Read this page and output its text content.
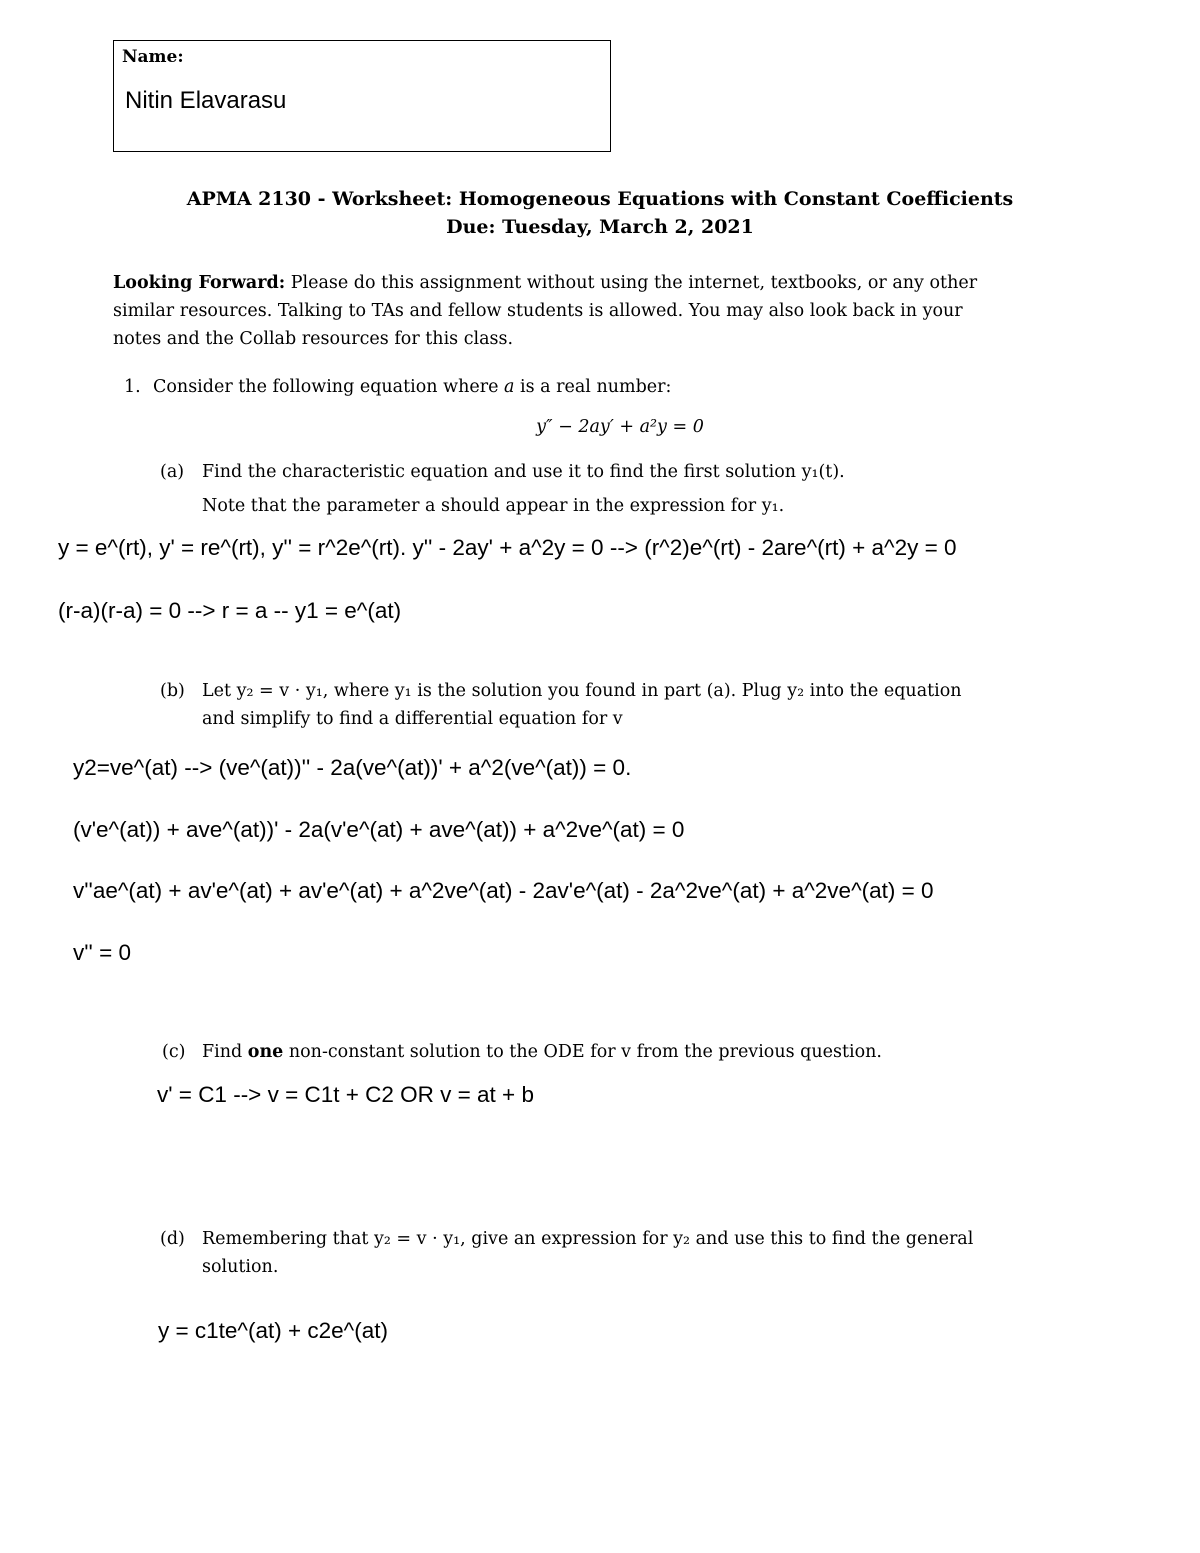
Name:
Nitin Elavarasu
APMA 2130 - Worksheet: Homogeneous Equations with Constant Coefficients
Due: Tuesday, March 2, 2021
Looking Forward: Please do this assignment without using the internet, textbooks, or any other
similar resources. Talking to TAs and fellow students is allowed. You may also look back in your
notes and the Collab resources for this class.
1. Consider the following equation where a is a real number:
y″ − 2ay′ + a²y = 0
(a) Find the characteristic equation and use it to find the first solution y₁(t).
Note that the parameter a should appear in the expression for y₁.
y = e^(rt), y' = re^(rt), y'' = r^2e^(rt). y'' - 2ay' + a^2y = 0 --> (r^2)e^(rt) - 2are^(rt) + a^2y = 0
(r-a)(r-a) = 0 --> r = a -- y1 = e^(at)
(b) Let y₂ = v · y₁, where y₁ is the solution you found in part (a). Plug y₂ into the equation
and simplify to find a differential equation for v
y2=ve^(at) --> (ve^(at))'' - 2a(ve^(at))' + a^2(ve^(at)) = 0.
(v'e^(at)) + ave^(at))' - 2a(v'e^(at) + ave^(at)) + a^2ve^(at) = 0
v''ae^(at) + av'e^(at) + av'e^(at) + a^2ve^(at) - 2av'e^(at) - 2a^2ve^(at) + a^2ve^(at) = 0
v'' = 0
(c) Find one non-constant solution to the ODE for v from the previous question.
v' = C1 --> v = C1t + C2 OR v = at + b
(d) Remembering that y₂ = v · y₁, give an expression for y₂ and use this to find the general
solution.
y = c1te^(at) + c2e^(at)
